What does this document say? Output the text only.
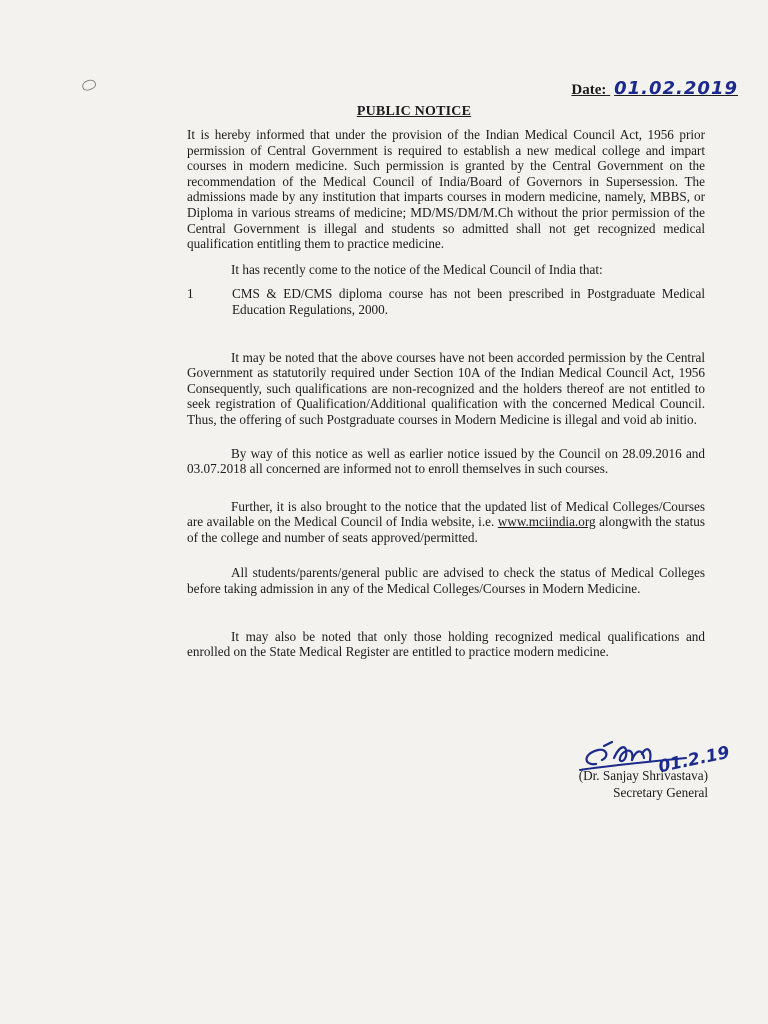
Date: 01.02.2019
PUBLIC NOTICE

It is hereby informed that under the provision of the Indian Medical Council Act, 1956 prior permission of Central Government is required to establish a new medical college and impart courses in modern medicine. Such permission is granted by the Central Government on the recommendation of the Medical Council of India/Board of Governors in Supersession. The admissions made by any institution that imparts courses in modern medicine, namely, MBBS, or Diploma in various streams of medicine; MD/MS/DM/M.Ch without the prior permission of the Central Government is illegal and students so admitted shall not get recognized medical qualification entitling them to practice medicine.

It has recently come to the notice of the Medical Council of India that:

1	CMS & ED/CMS diploma course has not been prescribed in Postgraduate Medical Education Regulations, 2000.

It may be noted that the above courses have not been accorded permission by the Central Government as statutorily required under Section 10A of the Indian Medical Council Act, 1956 Consequently, such qualifications are non-recognized and the holders thereof are not entitled to seek registration of Qualification/Additional qualification with the concerned Medical Council. Thus, the offering of such Postgraduate courses in Modern Medicine is illegal and void ab initio.

By way of this notice as well as earlier notice issued by the Council on 28.09.2016 and 03.07.2018 all concerned are informed not to enroll themselves in such courses.

Further, it is also brought to the notice that the updated list of Medical Colleges/Courses are available on the Medical Council of India website, i.e. www.mciindia.org alongwith the status of the college and number of seats approved/permitted.

All students/parents/general public are advised to check the status of Medical Colleges before taking admission in any of the Medical Colleges/Courses in Modern Medicine.

It may also be noted that only those holding recognized medical qualifications and enrolled on the State Medical Register are entitled to practice modern medicine.

01.2.19
(Dr. Sanjay Shrivastava)
Secretary General
